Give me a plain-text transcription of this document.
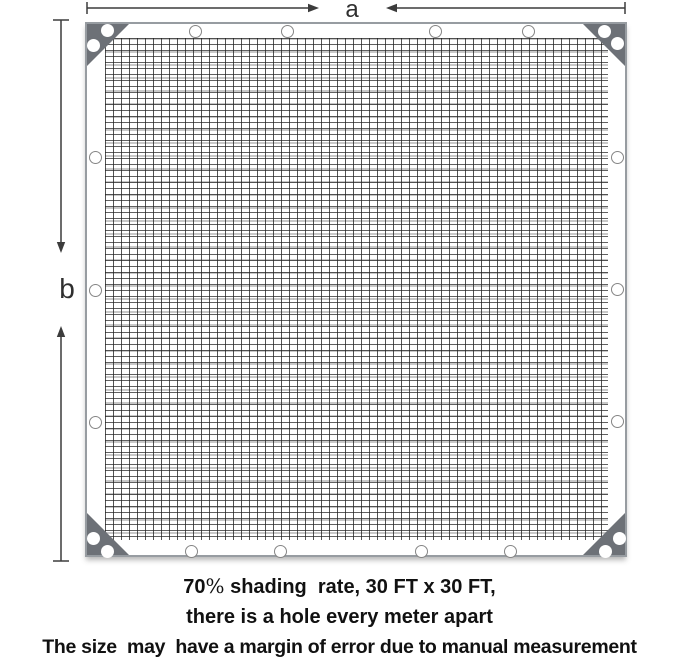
a
b
70% shading  rate, 30 FT x 30 FT,
there is a hole every meter apart
The size  may  have a margin of error due to manual measurement
